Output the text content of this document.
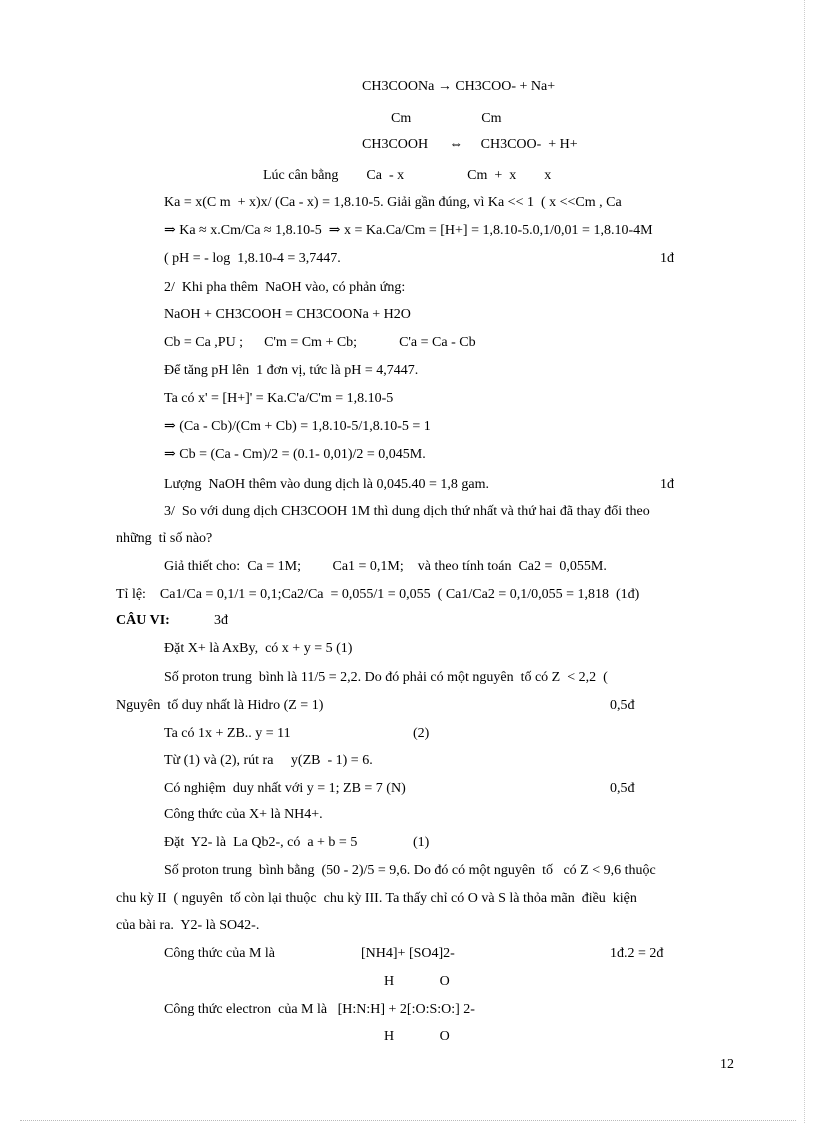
CH3COONa → CH3COO- + Na+
Cm                    Cm
CH3COOH      ⇔     CH3COO-  + H+
Lúc cân bằng        Ca  - x                  Cm  +  x        x
Ka = x(C m  + x)x/ (Ca - x) = 1,8.10-5. Giải gần đúng, vì Ka << 1  ( x <<Cm , Ca
⇒ Ka ≈ x.Cm/Ca ≈ 1,8.10-5  ⇒ x = Ka.Ca/Cm = [H+] = 1,8.10-5.0,1/0,01 = 1,8.10-4M
( pH = - log  1,8.10-4 = 3,7447.	1đ
2/  Khi pha thêm  NaOH vào, có phản ứng:
NaOH + CH3COOH = CH3COONa + H2O
Cb = Ca ,PU ;      C'm = Cm + Cb;            C'a = Ca - Cb
Để tăng pH lên  1 đơn vị, tức là pH = 4,7447.
Ta có x' = [H+]' = Ka.C'a/C'm = 1,8.10-5
⇒ (Ca - Cb)/(Cm + Cb) = 1,8.10-5/1,8.10-5 = 1
⇒ Cb = (Ca - Cm)/2 = (0.1- 0,01)/2 = 0,045M.
Lượng  NaOH thêm vào dung dịch là 0,045.40 = 1,8 gam.	1đ
3/  So với dung dịch CH3COOH 1M thì dung dịch thứ nhất và thứ hai đã thay đổi theo
những  tỉ số nào?
Giả thiết cho:  Ca = 1M;         Ca1 = 0,1M;    và theo tính toán  Ca2 =  0,055M.
Tỉ lệ:    Ca1/Ca = 0,1/1 = 0,1;Ca2/Ca  = 0,055/1 = 0,055  ( Ca1/Ca2 = 0,1/0,055 = 1,818  (1đ)
CÂU VI:	3đ
Đặt X+ là AxBy,  có x + y = 5 (1)
Số proton trung  bình là 11/5 = 2,2. Do đó phải có một nguyên  tố có Z  < 2,2  (
Nguyên  tố duy nhất là Hidro (Z = 1)	0,5đ
Ta có 1x + ZB.. y = 11	(2)
Từ (1) và (2), rút ra     y(ZB  - 1) = 6.
Có nghiệm  duy nhất với y = 1; ZB = 7 (N)	0,5đ
Công thức của X+ là NH4+.
Đặt  Y2- là  La Qb2-, có  a + b = 5	(1)
Số proton trung  bình bằng  (50 - 2)/5 = 9,6. Do đó có một nguyên  tố   có Z < 9,6 thuộc
chu kỳ II  ( nguyên  tố còn lại thuộc  chu kỳ III. Ta thấy chỉ có O và S là thỏa mãn  điều  kiện
của bài ra.  Y2- là SO42-.
Công thức của M là	[NH4]+ [SO4]2-	1đ.2 = 2đ
H             O
Công thức electron  của M là   [H:N:H] + 2[:O:S:O:] 2-
H             O
12
